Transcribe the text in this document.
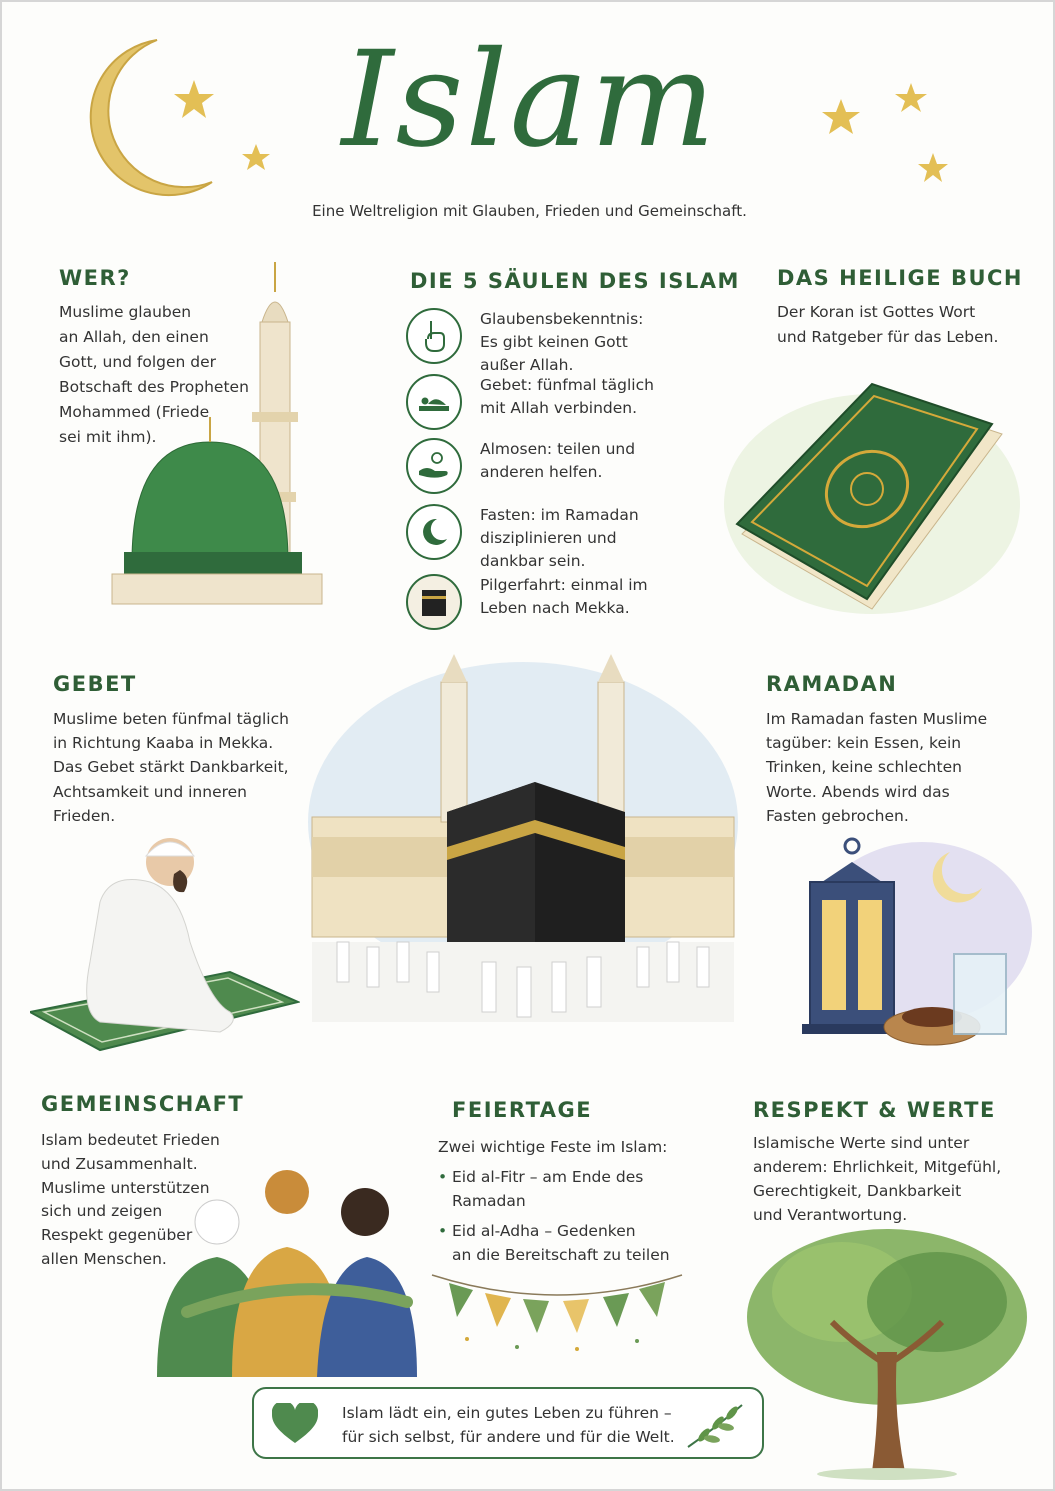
Islam
Eine Weltreligion mit Glauben, Frieden und Gemeinschaft.
WER?
Muslime glauben
an Allah, den einen
Gott, und folgen der
Botschaft des Propheten
Mohammed (Friede
sei mit ihm).
DIE 5 SÄULEN DES ISLAM
Glaubensbekenntnis:
Es gibt keinen Gott
außer Allah.
Gebet: fünfmal täglich
mit Allah verbinden.
Almosen: teilen und
anderen helfen.
Fasten: im Ramadan
disziplinieren und
dankbar sein.
Pilgerfahrt: einmal im
Leben nach Mekka.
DAS HEILIGE BUCH
Der Koran ist Gottes Wort
und Ratgeber für das Leben.
GEBET
Muslime beten fünfmal täglich
in Richtung Kaaba in Mekka.
Das Gebet stärkt Dankbarkeit,
Achtsamkeit und inneren
Frieden.
RAMADAN
Im Ramadan fasten Muslime
tagüber: kein Essen, kein
Trinken, keine schlechten
Worte. Abends wird das
Fasten gebrochen.
GEMEINSCHAFT
Islam bedeutet Frieden
und Zusammenhalt.
Muslime unterstützen
sich und zeigen
Respekt gegenüber
allen Menschen.
FEIERTAGE
Zwei wichtige Feste im Islam:
• Eid al-Fitr – am Ende des
Ramadan
• Eid al-Adha – Gedenken
an die Bereitschaft zu teilen
RESPEKT & WERTE
Islamische Werte sind unter
anderem: Ehrlichkeit, Mitgefühl,
Gerechtigkeit, Dankbarkeit
und Verantwortung.
Islam lädt ein, ein gutes Leben zu führen –
für sich selbst, für andere und für die Welt.
